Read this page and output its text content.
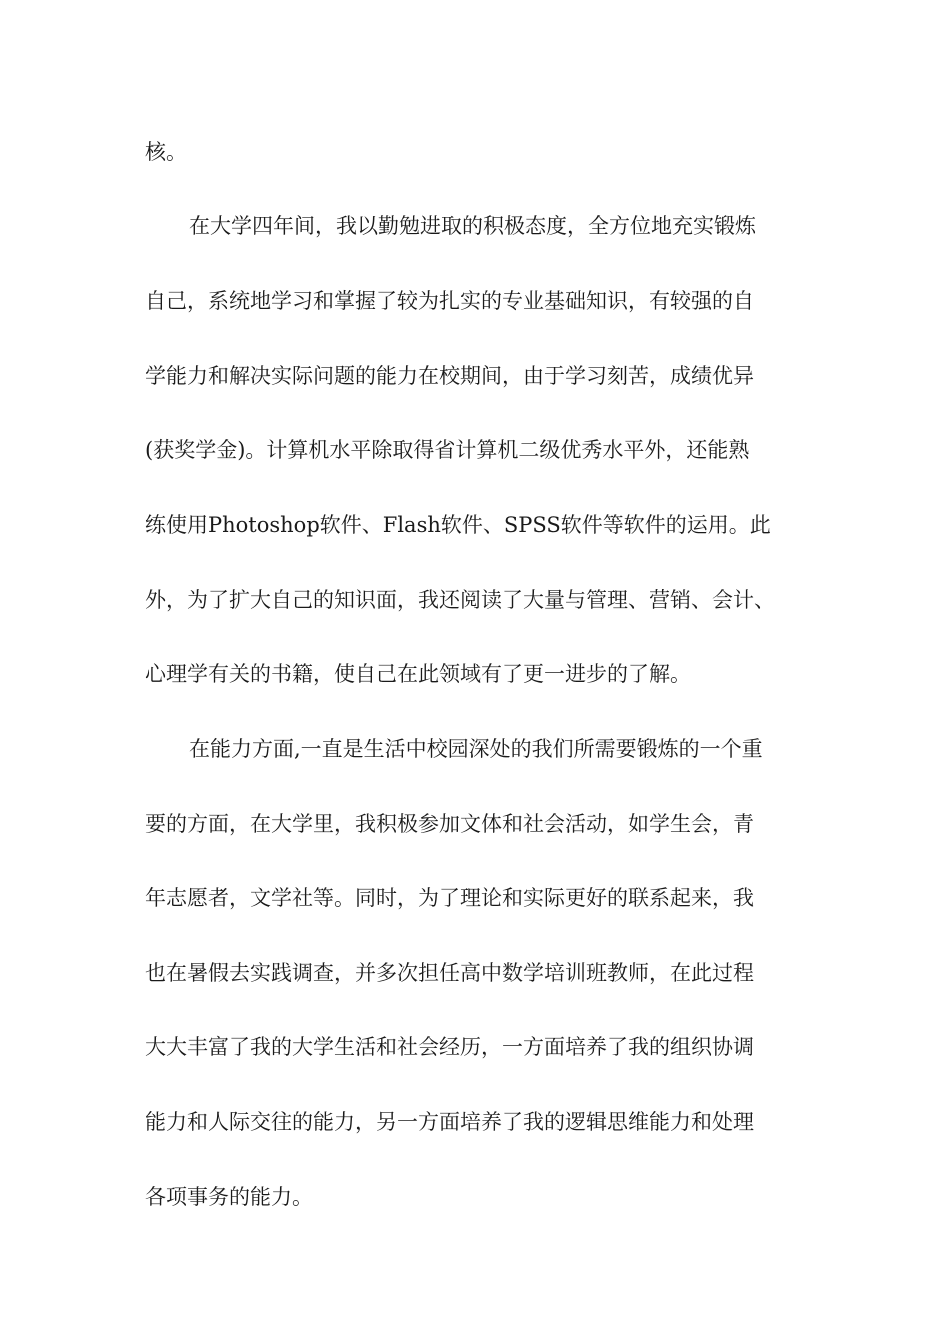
核。
在大学四年间，我以勤勉进取的积极态度，全方位地充实锻炼
自己，系统地学习和掌握了较为扎实的专业基础知识，有较强的自
学能力和解决实际问题的能力在校期间，由于学习刻苦，成绩优异
(获奖学金)。计算机水平除取得省计算机二级优秀水平外，还能熟
练使用Photoshop软件、Flash软件、SPSS软件等软件的运用。此
外，为了扩大自己的知识面，我还阅读了大量与管理、营销、会计、
心理学有关的书籍，使自己在此领域有了更一进步的了解。
在能力方面,一直是生活中校园深处的我们所需要锻炼的一个重
要的方面，在大学里，我积极参加文体和社会活动，如学生会，青
年志愿者，文学社等。同时，为了理论和实际更好的联系起来，我
也在暑假去实践调查，并多次担任高中数学培训班教师，在此过程
大大丰富了我的大学生活和社会经历，一方面培养了我的组织协调
能力和人际交往的能力，另一方面培养了我的逻辑思维能力和处理
各项事务的能力。
